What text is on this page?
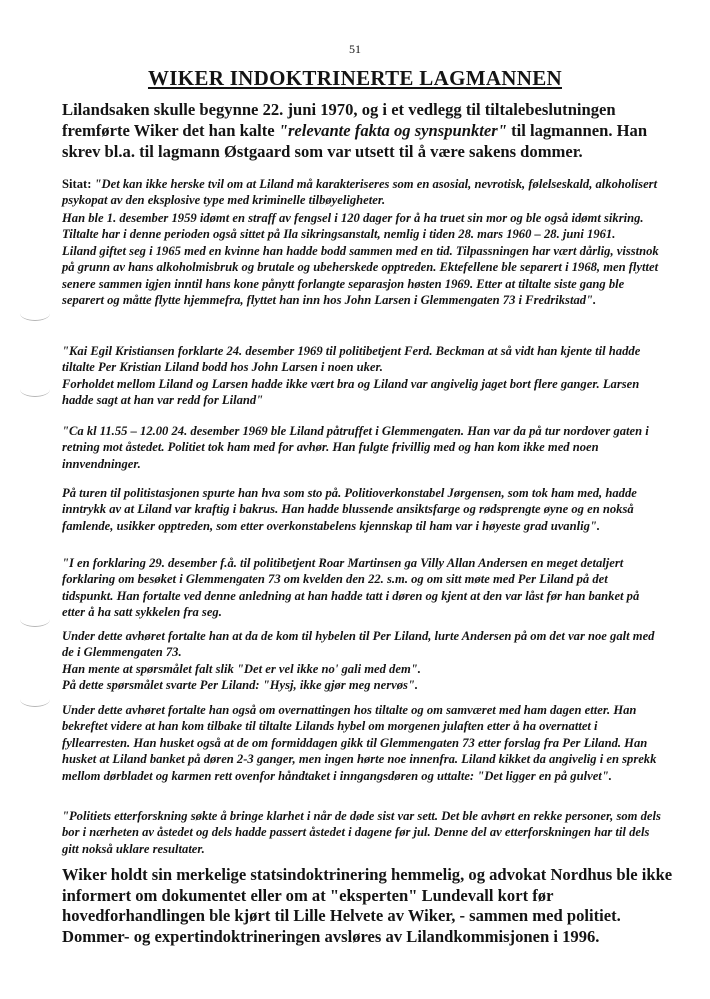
51
WIKER INDOKTRINERTE LAGMANNEN

Lilandsaken skulle begynne 22. juni 1970, og i et vedlegg til tiltalebeslutningen fremførte Wiker det han kalte "relevante fakta og synspunkter" til lagmannen. Han skrev bl.a. til lagmann Østgaard som var utsett til å være sakens dommer.

Sitat: "Det kan ikke herske tvil om at Liland må karakteriseres som en asosial, nevrotisk, følelseskald, alkoholisert psykopat av den eksplosive type med kriminelle tilbøyeligheter.

Han ble 1. desember 1959 idømt en straff av fengsel i 120 dager for å ha truet sin mor og ble også idømt sikring. Tiltalte har i denne perioden også sittet på Ila sikringsanstalt, nemlig i tiden 28. mars 1960 – 28. juni 1961.
Liland giftet seg i 1965 med en kvinne han hadde bodd sammen med en tid. Tilpassningen har vært dårlig, visstnok på grunn av hans alkoholmisbruk og brutale og ubeherskede opptreden. Ektefellene ble separert i 1968, men flyttet senere sammen igjen inntil hans kone pånytt forlangte separasjon høsten 1969. Etter at tiltalte siste gang ble separert og måtte flytte hjemmefra, flyttet han inn hos John Larsen i Glemmengaten 73 i Fredrikstad".

"Kai Egil Kristiansen forklarte 24. desember 1969 til politibetjent Ferd. Beckman at så vidt han kjente til hadde tiltalte Per Kristian Liland bodd hos John Larsen i noen uker.
Forholdet mellom Liland og Larsen hadde ikke vært bra og Liland var angivelig jaget bort flere ganger. Larsen hadde sagt at han var redd for Liland"

"Ca kl 11.55 – 12.00 24. desember 1969 ble Liland påtruffet i Glemmengaten. Han var da på tur nordover gaten i retning mot åstedet. Politiet tok ham med for avhør. Han fulgte frivillig med og han kom ikke med noen innvendninger.

På turen til politistasjonen spurte han hva som sto på. Politioverkonstabel Jørgensen, som tok ham med, hadde inntrykk av at Liland var kraftig i bakrus. Han hadde blussende ansiktsfarge og rødsprengte øyne og en nokså famlende, usikker opptreden, som etter overkonstabelens kjennskap til ham var i høyeste grad uvanlig".

"I en forklaring 29. desember f.å. til politibetjent Roar Martinsen ga Villy Allan Andersen en meget detaljert forklaring om besøket i Glemmengaten 73 om kvelden den 22. s.m. og om sitt møte med Per Liland på det tidspunkt. Han fortalte ved denne anledning at han hadde tatt i døren og kjent at den var låst før han banket på etter å ha satt sykkelen fra seg.

Under dette avhøret fortalte han at da de kom til hybelen til Per Liland, lurte Andersen på om det var noe galt med de i Glemmengaten 73.
Han mente at spørsmålet falt slik "Det er vel ikke no' gali med dem".
På dette spørsmålet svarte Per Liland: "Hysj, ikke gjør meg nervøs".

Under dette avhøret fortalte han også om overnattingen hos tiltalte og om samværet med ham dagen etter. Han bekreftet videre at han kom tilbake til tiltalte Lilands hybel om morgenen julaften etter å ha overnattet i fyllearresten. Han husket også at de om formiddagen gikk til Glemmengaten 73 etter forslag fra Per Liland. Han husket at Liland banket på døren 2-3 ganger, men ingen hørte noe innenfra. Liland kikket da angivelig i en sprekk mellom dørbladet og karmen rett ovenfor håndtaket i inngangsdøren og uttalte: "Det ligger en på gulvet".

"Politiets etterforskning søkte å bringe klarhet i når de døde sist var sett. Det ble avhørt en rekke personer, som dels bor i nærheten av åstedet og dels hadde passert åstedet i dagene før jul. Denne del av etterforskningen har til dels gitt nokså uklare resultater.

Wiker holdt sin merkelige statsindoktrinering hemmelig, og advokat Nordhus ble ikke informert om dokumentet eller om at "eksperten" Lundevall kort før hovedforhandlingen ble kjørt til Lille Helvete av Wiker, - sammen med politiet. Dommer- og expertindoktrineringen avsløres av Lilandkommisjonen i 1996.
